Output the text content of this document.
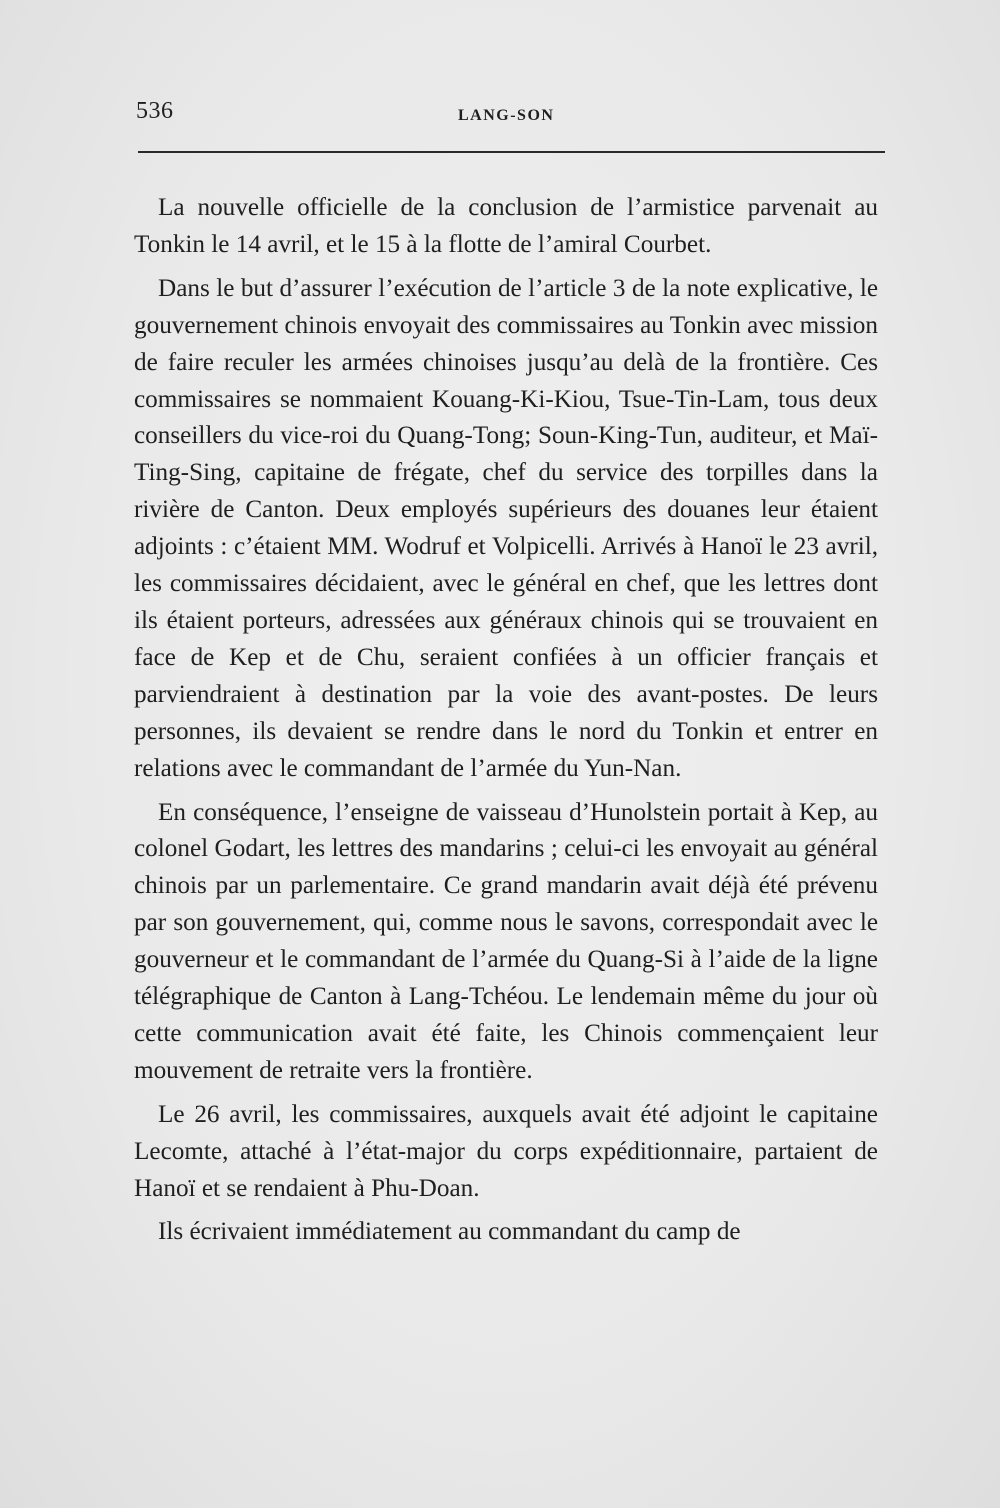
536	LANG-SON

La nouvelle officielle de la conclusion de l’armistice parvenait au Tonkin le 14 avril, et le 15 à la flotte de l’amiral Courbet.

Dans le but d’assurer l’exécution de l’article 3 de la note explicative, le gouvernement chinois envoyait des commissaires au Tonkin avec mission de faire reculer les armées chinoises jusqu’au delà de la frontière. Ces commissaires se nommaient Kouang-Ki-Kiou, Tsue-Tin-Lam, tous deux conseillers du vice-roi du Quang-Tong; Soun-King-Tun, auditeur, et Maï-Ting-Sing, capitaine de frégate, chef du service des torpilles dans la rivière de Canton. Deux employés supérieurs des douanes leur étaient adjoints : c’étaient MM. Wodruf et Volpicelli. Arrivés à Hanoï le 23 avril, les commissaires décidaient, avec le général en chef, que les lettres dont ils étaient porteurs, adressées aux généraux chinois qui se trouvaient en face de Kep et de Chu, seraient confiées à un officier français et parviendraient à destination par la voie des avant-postes. De leurs personnes, ils devaient se rendre dans le nord du Tonkin et entrer en relations avec le commandant de l’armée du Yun-Nan.

En conséquence, l’enseigne de vaisseau d’Hunolstein portait à Kep, au colonel Godart, les lettres des mandarins ; celui-ci les envoyait au général chinois par un parlementaire. Ce grand mandarin avait déjà été prévenu par son gouvernement, qui, comme nous le savons, correspondait avec le gouverneur et le commandant de l’armée du Quang-Si à l’aide de la ligne télégraphique de Canton à Lang-Tchéou. Le lendemain même du jour où cette communication avait été faite, les Chinois commençaient leur mouvement de retraite vers la frontière.

Le 26 avril, les commissaires, auxquels avait été adjoint le capitaine Lecomte, attaché à l’état-major du corps expéditionnaire, partaient de Hanoï et se rendaient à Phu-Doan.

Ils écrivaient immédiatement au commandant du camp de
